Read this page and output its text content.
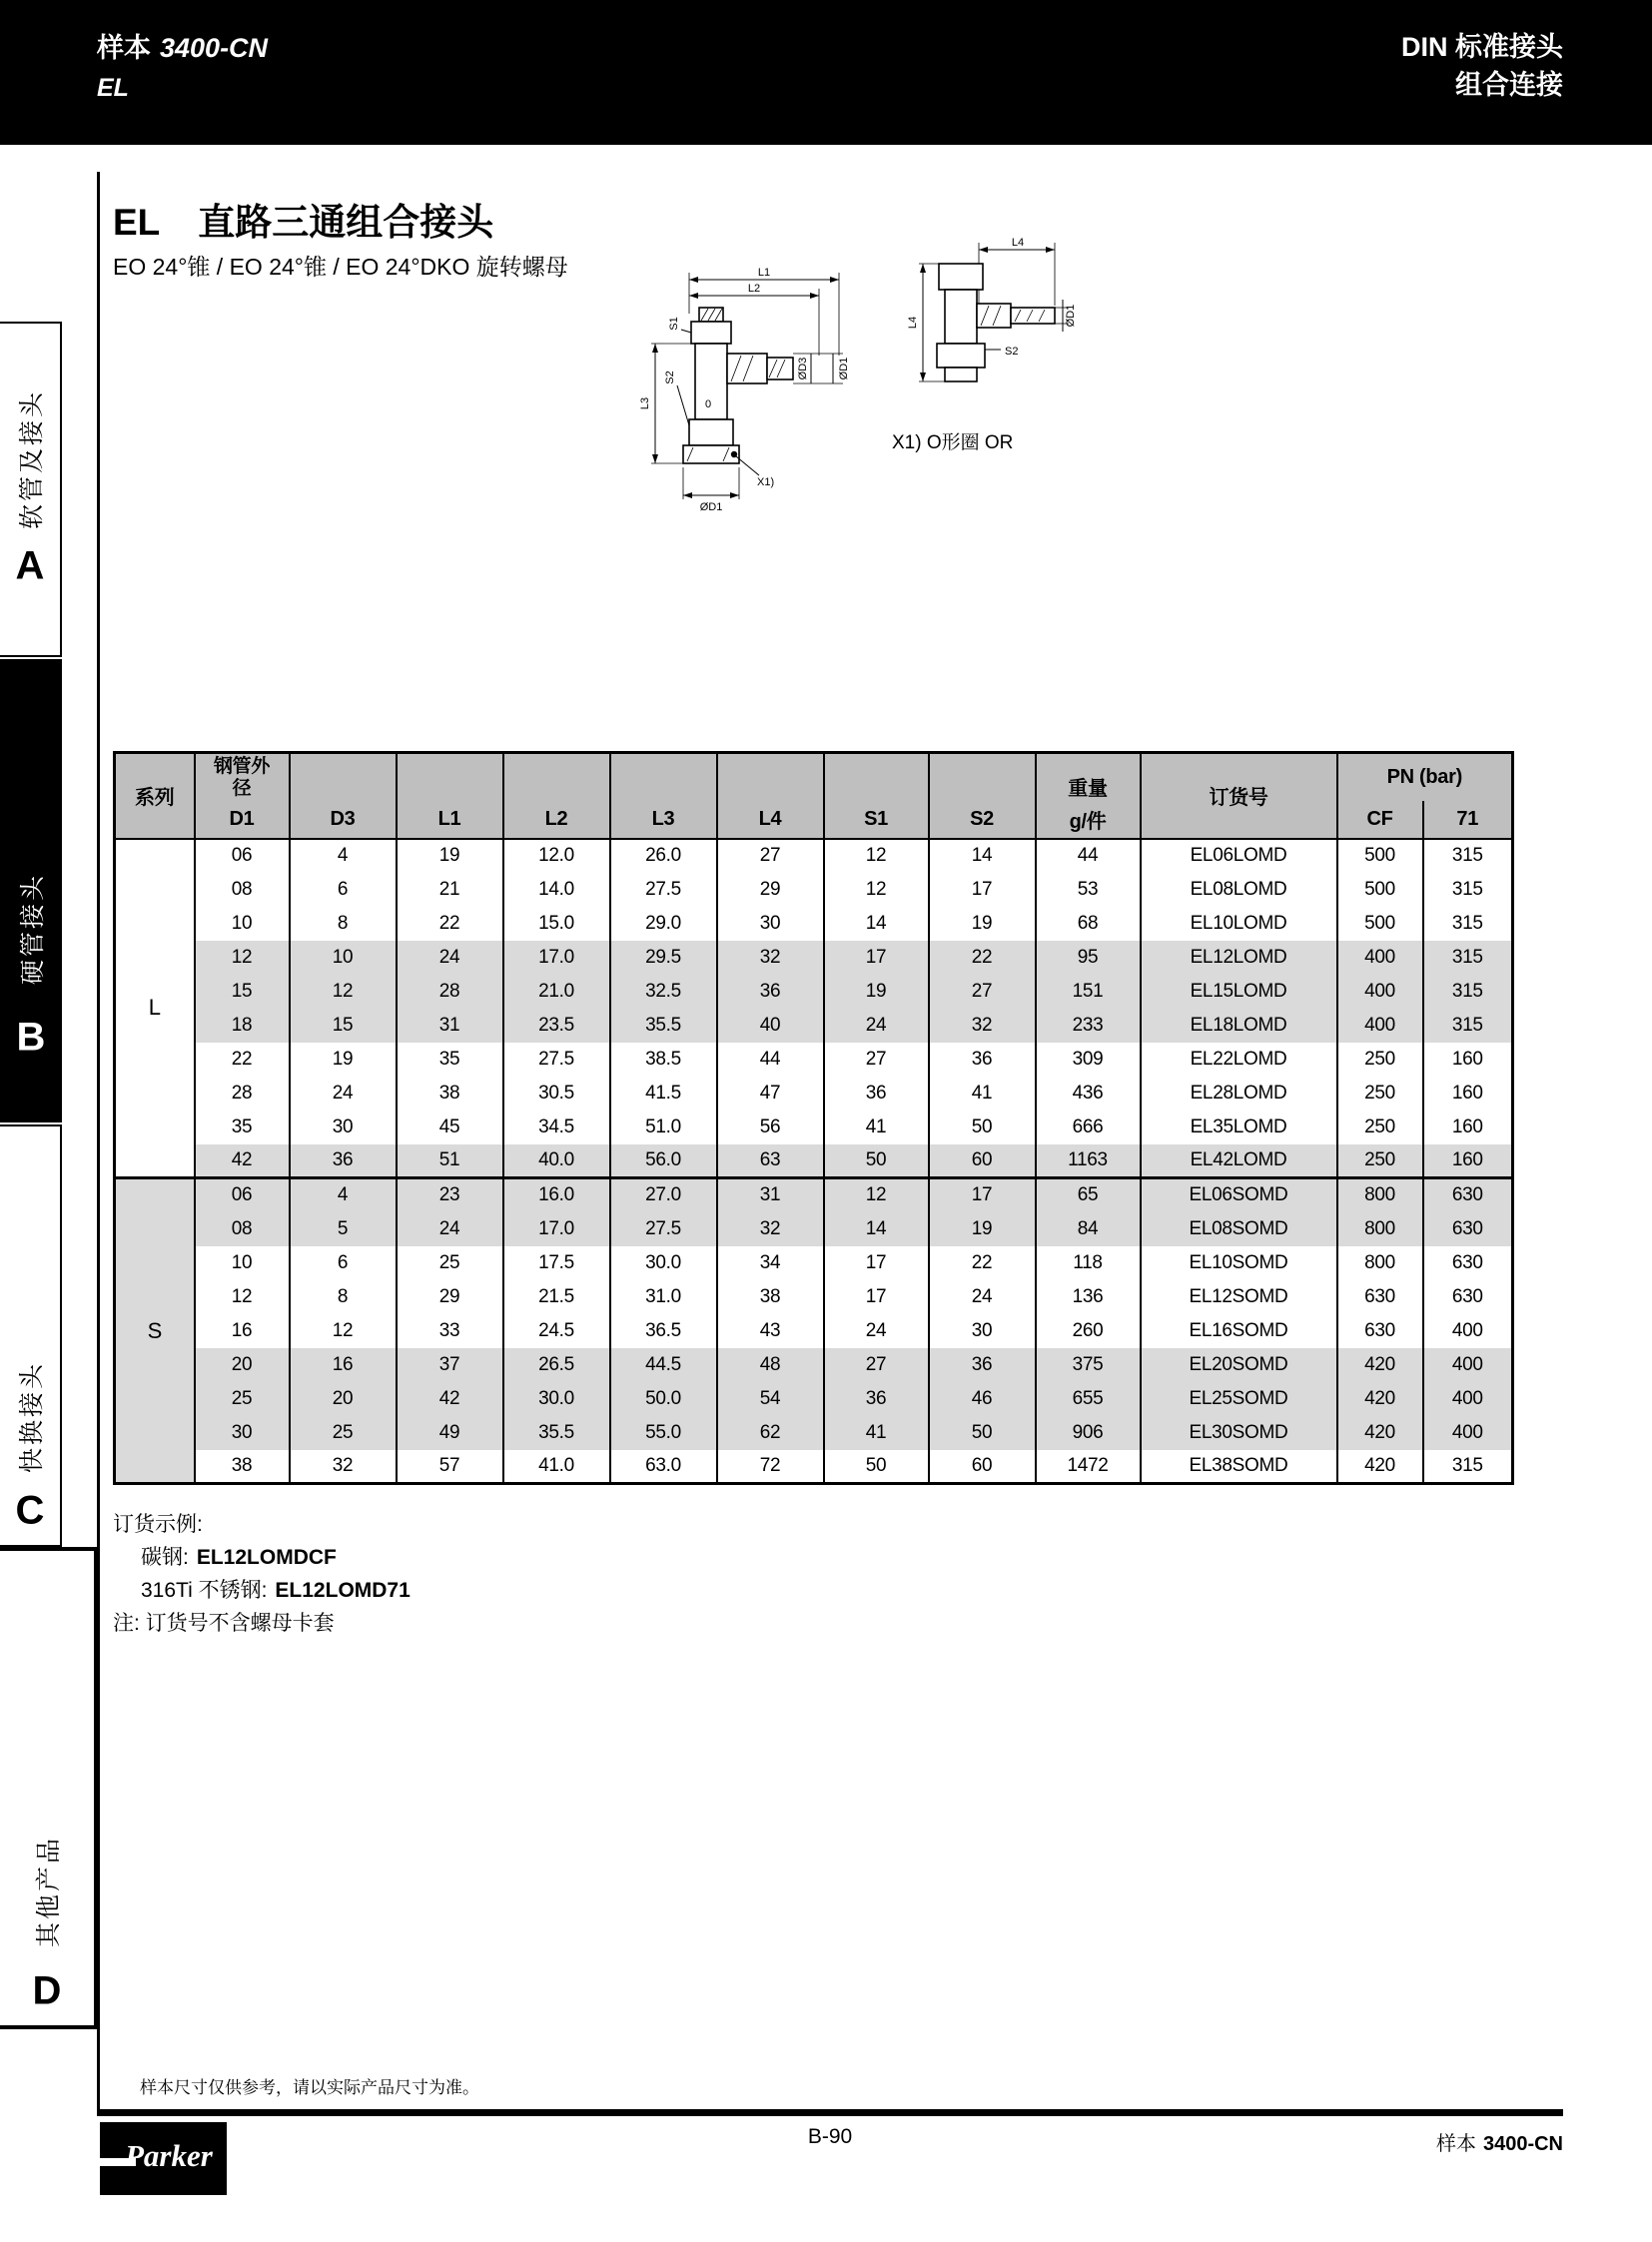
样本 3400-CN
EL
DIN 标准接头
组合连接
软管及接头
A
硬管接头
B
快换接头
C
其他产品
D
EL 直路三通组合接头
EO 24°锥 / EO 24°锥 / EO 24°DKO 旋转螺母	L1
L2
ØD3	ØD1
X1)
ØD1
L3
S1
S2
0
L4
ØD1
L4
S2
X1) O形圈 OR
系列	钢管外径								重量	订货号	PN (bar)	
	D1	D3	L1	L2	L3	L4	S1	S2	g/件		CF	71
L	06	4	19	12.0	26.0	27	12	14	44	EL06LOMD	500	315
	08	6	21	14.0	27.5	29	12	17	53	EL08LOMD	500	315
	10	8	22	15.0	29.0	30	14	19	68	EL10LOMD	500	315
	12	10	24	17.0	29.5	32	17	22	95	EL12LOMD	400	315
	15	12	28	21.0	32.5	36	19	27	151	EL15LOMD	400	315
	18	15	31	23.5	35.5	40	24	32	233	EL18LOMD	400	315
	22	19	35	27.5	38.5	44	27	36	309	EL22LOMD	250	160
	28	24	38	30.5	41.5	47	36	41	436	EL28LOMD	250	160
	35	30	45	34.5	51.0	56	41	50	666	EL35LOMD	250	160
	42	36	51	40.0	56.0	63	50	60	1163	EL42LOMD	250	160
S	06	4	23	16.0	27.0	31	12	17	65	EL06SOMD	800	630
	08	5	24	17.0	27.5	32	14	19	84	EL08SOMD	800	630
	10	6	25	17.5	30.0	34	17	22	118	EL10SOMD	800	630
	12	8	29	21.5	31.0	38	17	24	136	EL12SOMD	630	630
	16	12	33	24.5	36.5	43	24	30	260	EL16SOMD	630	400
	20	16	37	26.5	44.5	48	27	36	375	EL20SOMD	420	400
	25	20	42	30.0	50.0	54	36	46	655	EL25SOMD	420	400
	30	25	49	35.5	55.0	62	41	50	906	EL30SOMD	420	400
	38	32	57	41.0	63.0	72	50	60	1472	EL38SOMD	420	315
订货示例:
碳钢: EL12LOMDCF
316Ti 不锈钢: EL12LOMD71
注: 订货号不含螺母卡套
样本尺寸仅供参考，请以实际产品尺寸为准。
Parker
B-90	样本 3400-CN
